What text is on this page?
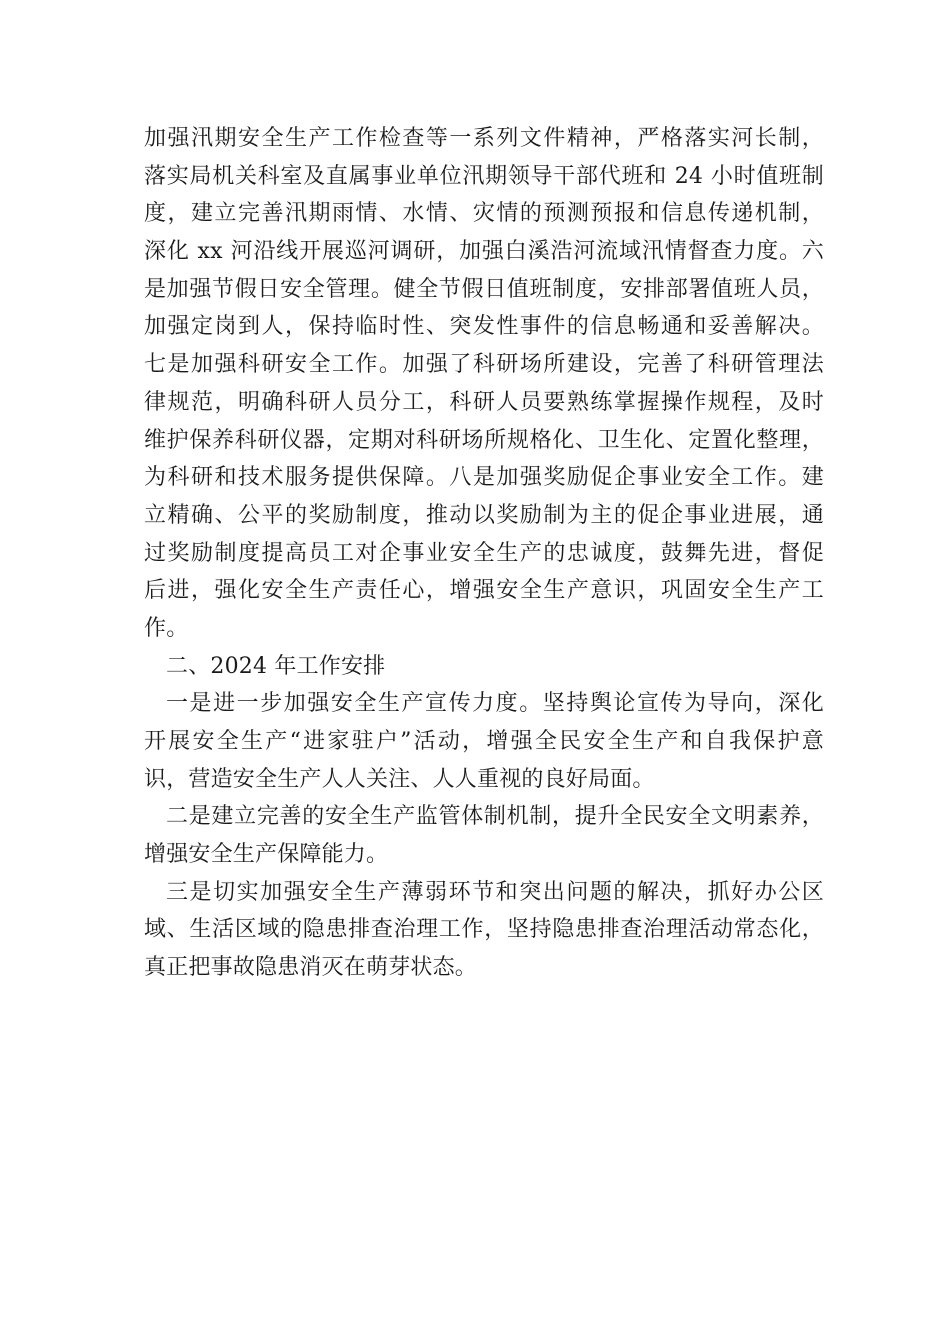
加强汛期安全生产工作检查等一系列文件精神，严格落实河长制，
落实局机关科室及直属事业单位汛期领导干部代班和 24 小时值班制
度，建立完善汛期雨情、水情、灾情的预测预报和信息传递机制，
深化 xx 河沿线开展巡河调研，加强白溪浩河流域汛情督查力度。六
是加强节假日安全管理。健全节假日值班制度，安排部署值班人员，
加强定岗到人，保持临时性、突发性事件的信息畅通和妥善解决。
七是加强科研安全工作。加强了科研场所建设，完善了科研管理法
律规范，明确科研人员分工，科研人员要熟练掌握操作规程，及时
维护保养科研仪器，定期对科研场所规格化、卫生化、定置化整理，
为科研和技术服务提供保障。八是加强奖励促企事业安全工作。建
立精确、公平的奖励制度，推动以奖励制为主的促企事业进展，通
过奖励制度提高员工对企事业安全生产的忠诚度，鼓舞先进，督促
后进，强化安全生产责任心，增强安全生产意识，巩固安全生产工
作。
二、2024 年工作安排
一是进一步加强安全生产宣传力度。坚持舆论宣传为导向，深化
开展安全生产“进家驻户”活动，增强全民安全生产和自我保护意
识，营造安全生产人人关注、人人重视的良好局面。
二是建立完善的安全生产监管体制机制，提升全民安全文明素养，
增强安全生产保障能力。
三是切实加强安全生产薄弱环节和突出问题的解决，抓好办公区
域、生活区域的隐患排查治理工作，坚持隐患排查治理活动常态化，
真正把事故隐患消灭在萌芽状态。
